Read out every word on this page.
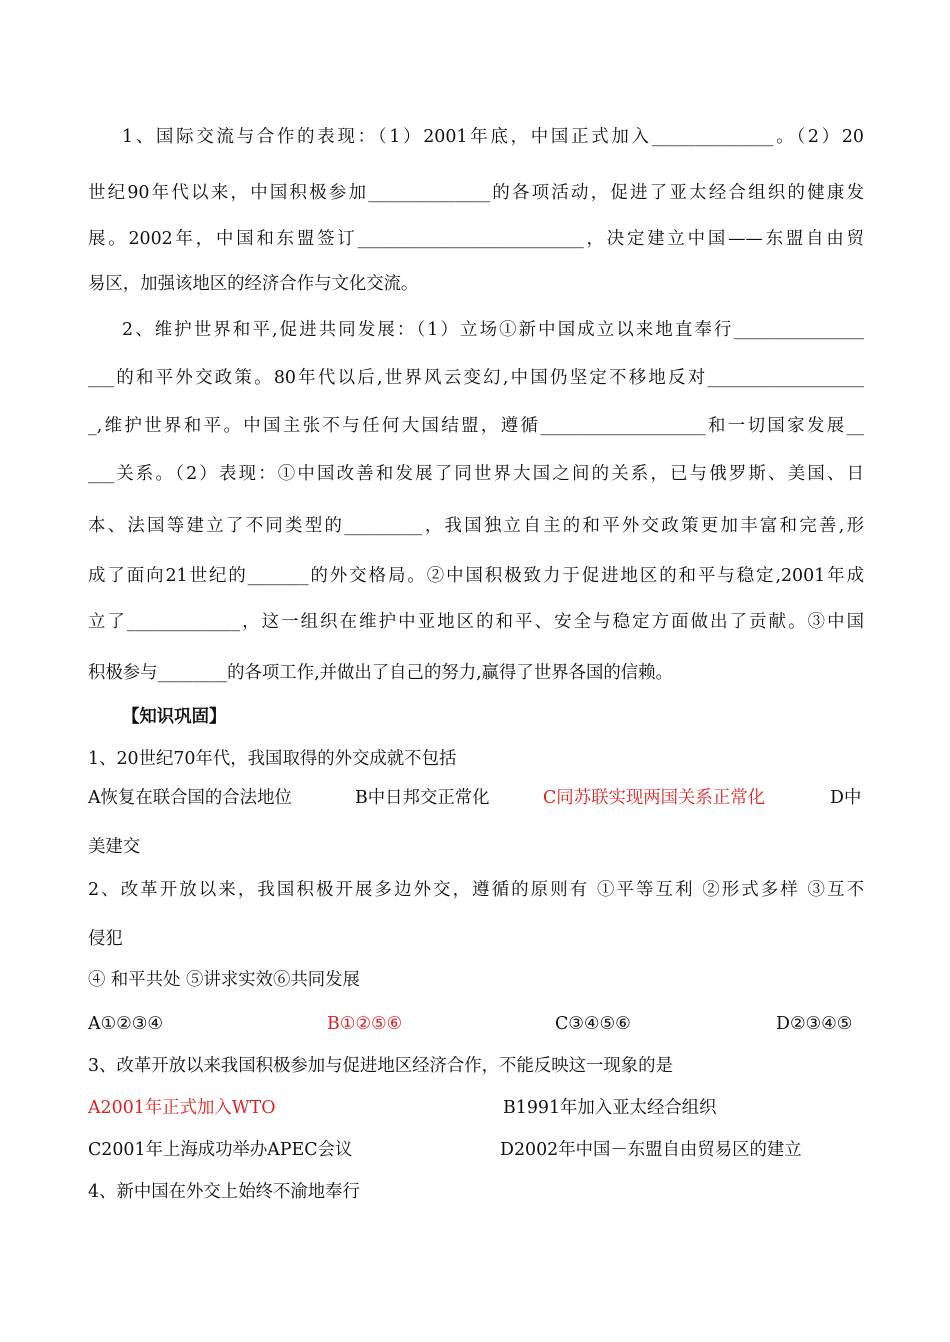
1、国际交流与合作的表现：（1）2001年底，中国正式加入______________。（2）20
世纪90年代以来，中国积极参加______________的各项活动，促进了亚太经合组织的健康发
展。2002年，中国和东盟签订__________________________，决定建立中国——东盟自由贸
易区，加强该地区的经济合作与文化交流。
2、维护世界和平,促进共同发展：（1）立场①新中国成立以来地直奉行_______________
___的和平外交政策。80年代以后,世界风云变幻,中国仍坚定不移地反对__________________
_,维护世界和平。中国主张不与任何大国结盟，遵循___________________和一切国家发展__
___关系。（2）表现：①中国改善和发展了同世界大国之间的关系，已与俄罗斯、美国、日
本、法国等建立了不同类型的_________，我国独立自主的和平外交政策更加丰富和完善,形
成了面向21世纪的_______的外交格局。②中国积极致力于促进地区的和平与稳定,2001年成
立了_____________，这一组织在维护中亚地区的和平、安全与稳定方面做出了贡献。③中国
积极参与________的各项工作,并做出了自己的努力,赢得了世界各国的信赖。
【知识巩固】
1、20世纪70年代，我国取得的外交成就不包括
A恢复在联合国的合法地位	B中日邦交正常化	C同苏联实现两国关系正常化	D中
美建交
2、改革开放以来，我国积极开展多边外交，遵循的原则有 ①平等互利 ②形式多样 ③互不
侵犯
④ 和平共处 ⑤讲求实效⑥共同发展
A①②③④	B①②⑤⑥	C③④⑤⑥	D②③④⑤
3、改革开放以来我国积极参加与促进地区经济合作，不能反映这一现象的是
A2001年正式加入WTO	B1991年加入亚太经合组织
C2001年上海成功举办APEC会议	D2002年中国－东盟自由贸易区的建立
4、新中国在外交上始终不渝地奉行
